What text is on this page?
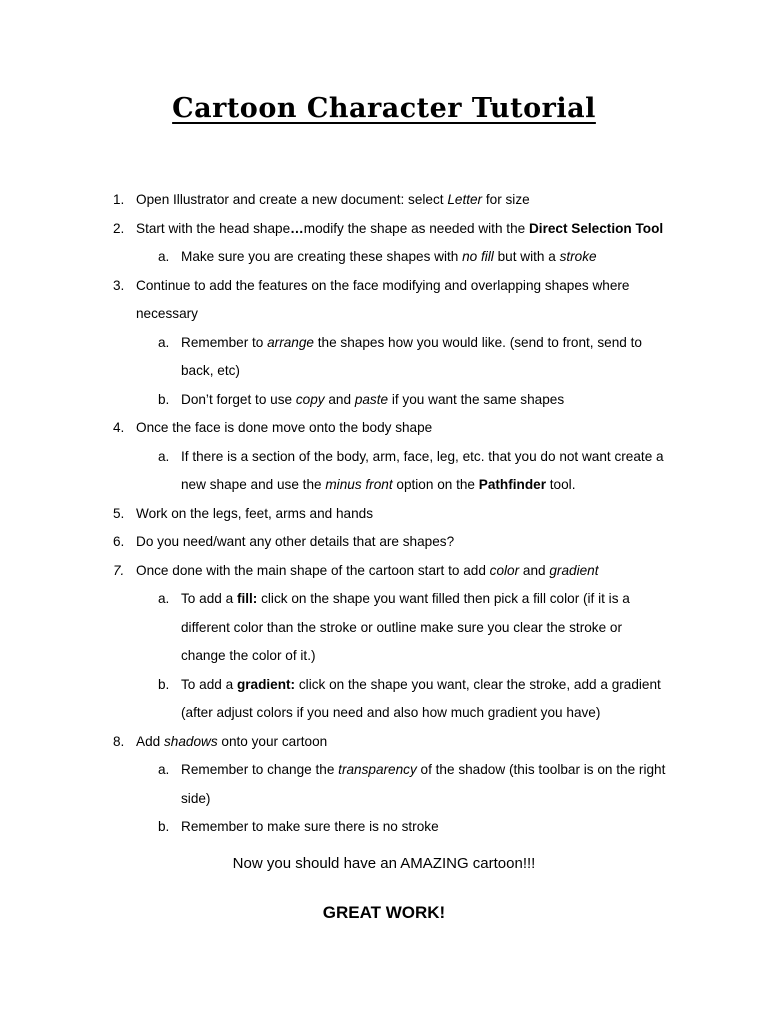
Cartoon Character Tutorial
1. Open Illustrator and create a new document: select Letter for size
2. Start with the head shape…modify the shape as needed with the Direct Selection Tool
a. Make sure you are creating these shapes with no fill but with a stroke
3. Continue to add the features on the face modifying and overlapping shapes where
necessary
a. Remember to arrange the shapes how you would like. (send to front, send to
back, etc)
b. Don’t forget to use copy and paste if you want the same shapes
4. Once the face is done move onto the body shape
a. If there is a section of the body, arm, face, leg, etc. that you do not want create a
new shape and use the minus front option on the Pathfinder tool.
5. Work on the legs, feet, arms and hands
6. Do you need/want any other details that are shapes?
7. Once done with the main shape of the cartoon start to add color and gradient
a. To add a fill: click on the shape you want filled then pick a fill color (if it is a
different color than the stroke or outline make sure you clear the stroke or
change the color of it.)
b. To add a gradient: click on the shape you want, clear the stroke, add a gradient
(after adjust colors if you need and also how much gradient you have)
8. Add shadows onto your cartoon
a. Remember to change the transparency of the shadow (this toolbar is on the right
side)
b. Remember to make sure there is no stroke
Now you should have an AMAZING cartoon!!!
GREAT WORK!
